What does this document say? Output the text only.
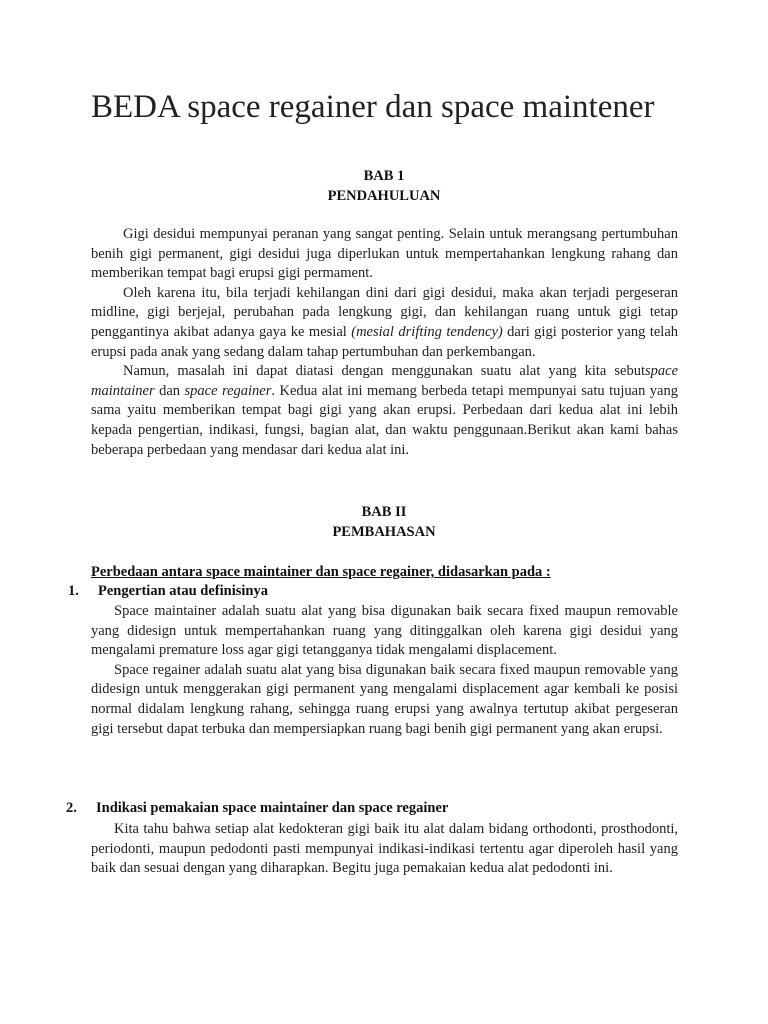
BEDA space regainer dan space maintener
BAB 1
PENDAHULUAN

Gigi desidui mempunyai peranan yang sangat penting. Selain untuk merangsang pertumbuhan benih gigi permanent, gigi desidui juga diperlukan untuk mempertahankan lengkung rahang dan memberikan tempat bagi erupsi gigi permament.

Oleh karena itu, bila terjadi kehilangan dini dari gigi desidui, maka akan terjadi pergeseran midline, gigi berjejal, perubahan pada lengkung gigi, dan kehilangan ruang untuk gigi tetap penggantinya akibat adanya gaya ke mesial (mesial drifting tendency) dari gigi posterior yang telah erupsi pada anak yang sedang dalam tahap pertumbuhan dan perkembangan.

Namun, masalah ini dapat diatasi dengan menggunakan suatu alat yang kita sebutspace maintainer dan space regainer. Kedua alat ini memang berbeda tetapi mempunyai satu tujuan yang sama yaitu memberikan tempat bagi gigi yang akan erupsi. Perbedaan dari kedua alat ini lebih kepada pengertian, indikasi, fungsi, bagian alat, dan waktu penggunaan.Berikut akan kami bahas beberapa perbedaan yang mendasar dari kedua alat ini.

BAB II
PEMBAHASAN
Perbedaan antara space maintainer dan space regainer, didasarkan pada :
1. Pengertian atau definisinya

Space maintainer adalah suatu alat yang bisa digunakan baik secara fixed maupun removable yang didesign untuk mempertahankan ruang yang ditinggalkan oleh karena gigi desidui yang mengalami premature loss agar gigi tetangganya tidak mengalami displacement.

Space regainer adalah suatu alat yang bisa digunakan baik secara fixed maupun removable yang didesign untuk menggerakan gigi permanent yang mengalami displacement agar kembali ke posisi normal didalam lengkung rahang, sehingga ruang erupsi yang awalnya tertutup akibat pergeseran gigi tersebut dapat terbuka dan mempersiapkan ruang bagi benih gigi permanent yang akan erupsi.

2. Indikasi pemakaian space maintainer dan space regainer

Kita tahu bahwa setiap alat kedokteran gigi baik itu alat dalam bidang orthodonti, prosthodonti, periodonti, maupun pedodonti pasti mempunyai indikasi-indikasi tertentu agar diperoleh hasil yang baik dan sesuai dengan yang diharapkan. Begitu juga pemakaian kedua alat pedodonti ini.
